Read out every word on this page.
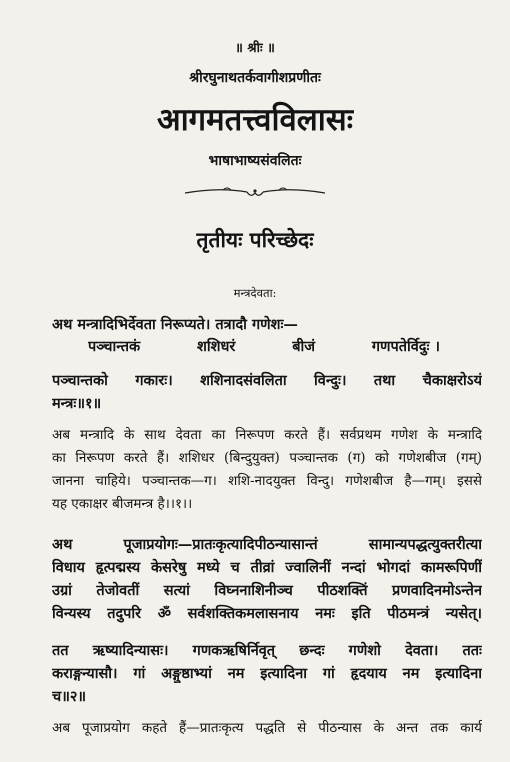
॥ श्रीः ॥
श्रीरघुनाथतर्कवागीशप्रणीतः
आगमतत्त्वविलासः
भाषाभाष्यसंवलितः
तृतीयः परिच्छेदः
मन्त्रदेवता:
अथ मन्त्रादिभिर्देवता निरूप्यते। तत्रादौ गणेशः—
पञ्चान्तकं	शशिधरं	बीजं	गणपतेर्विदुः ।
पञ्चान्तको गकारः। शशिनादसंवलिता विन्दुः। तथा चैकाक्षरोऽयं
मन्त्रः॥१॥
अब मन्त्रादि के साथ देवता का निरूपण करते हैं। सर्वप्रथम गणेश के मन्त्रादि
का निरूपण करते हैं। शशिधर (बिन्दुयुक्त) पञ्चान्तक (ग) को गणेशबीज (गम्)
जानना चाहिये। पञ्चान्तक—ग। शशि-नादयुक्त विन्दु। गणेशबीज है—गम्। इससे
यह एकाक्षर बीजमन्त्र है।।१।।
अथ पूजाप्रयोगः—प्रातःकृत्यादिपीठन्यासान्तं सामान्यपद्धत्युक्तरीत्या
विधाय हृत्पद्मस्य केसरेषु मध्ये च तीव्रां ज्वालिनीं नन्दां भोगदां कामरूपिणीं
उग्रां तेजोवतीं सत्यां विघ्ननाशिनीञ्च पीठशक्तिं प्रणवादिनमोऽन्तेन
विन्यस्य तदुपरि ॐ सर्वशक्तिकमलासनाय नमः इति पीठमन्त्रं न्यसेत्।
तत ऋष्यादिन्यासः। गणकऋषिर्निवृत् छन्दः गणेशो देवता। ततः
कराङ्गन्यासौ। गां अङ्गुष्ठाभ्यां नम इत्यादिना गां हृदयाय नम इत्यादिना
च॥२॥
अब पूजाप्रयोग कहते हैं—प्रातःकृत्य पद्धति से पीठन्यास के अन्त तक कार्य
